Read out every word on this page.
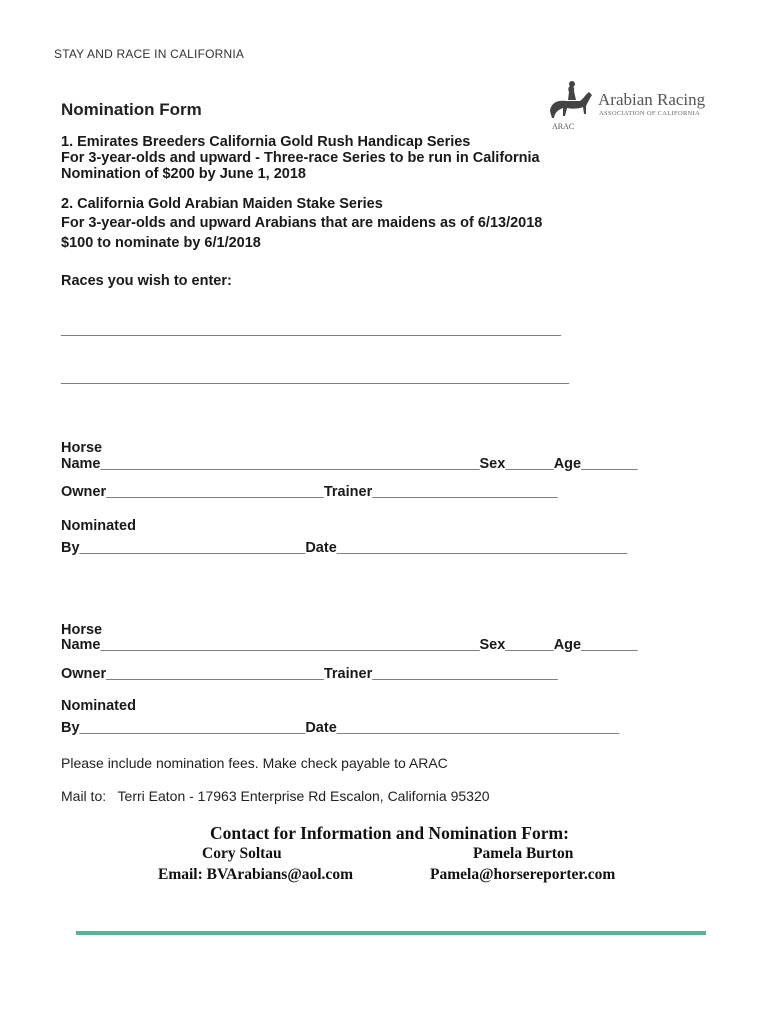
STAY AND RACE IN CALIFORNIA
Arabian Racing
ASSOCIATION OF CALIFORNIA
ARAC
Nomination Form
1. Emirates Breeders California Gold Rush Handicap Series
For 3-year-olds and upward - Three-race Series to be run in California
Nomination of $200 by June 1, 2018
2. California Gold Arabian Maiden Stake Series
For 3-year-olds and upward Arabians that are maidens as of 6/13/2018
$100 to nominate by 6/1/2018
Races you wish to enter:
______________________________________________________________
_______________________________________________________________
Horse
Name_______________________________________________Sex______Age_______
Owner___________________________Trainer_______________________
Nominated
By____________________________Date____________________________________
Horse
Name_______________________________________________Sex______Age_______
Owner___________________________Trainer_______________________
Nominated
By____________________________Date___________________________________
Please include nomination fees. Make check payable to ARAC
Mail to:   Terri Eaton - 17963 Enterprise Rd Escalon, California 95320
Contact for Information and Nomination Form:
Cory Soltau
Email: BVArabians@aol.com
Pamela Burton
Pamela@horsereporter.com
